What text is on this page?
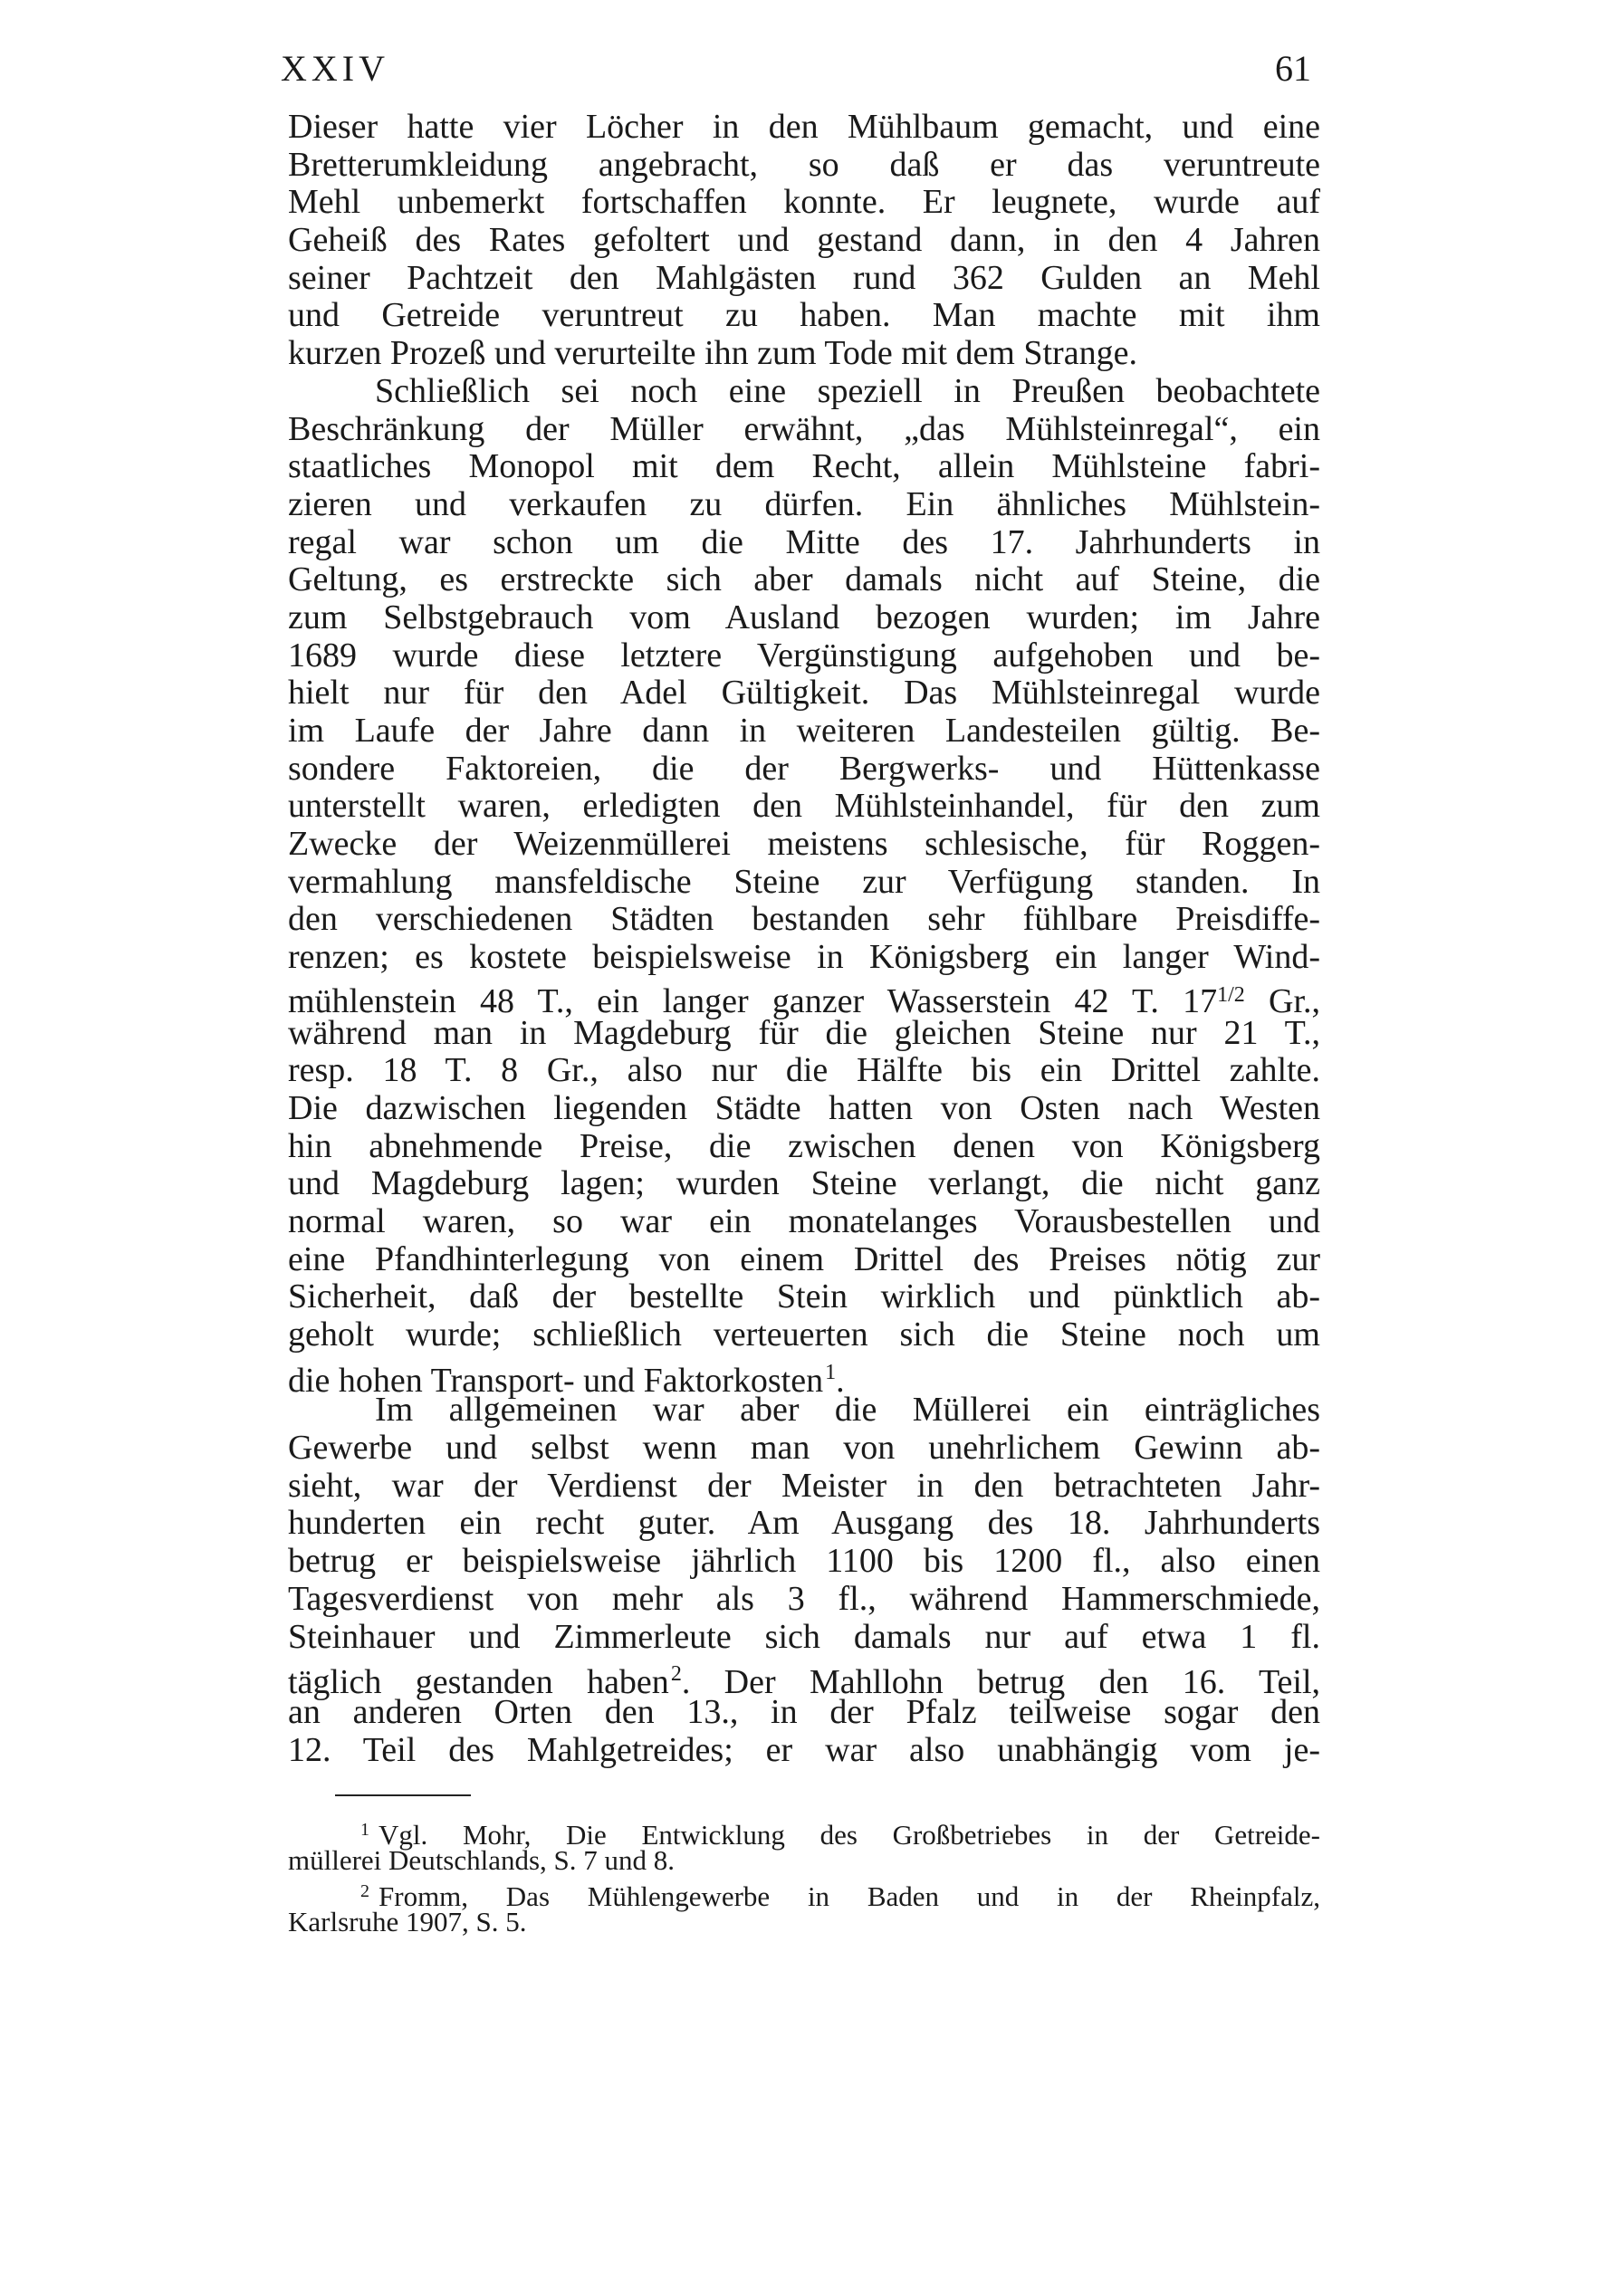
XXIV	61
Dieser hatte vier Löcher in den Mühlbaum gemacht, und eine
Bretterumkleidung angebracht, so daß er das veruntreute
Mehl unbemerkt fortschaffen konnte. Er leugnete, wurde auf
Geheiß des Rates gefoltert und gestand dann, in den 4 Jahren
seiner Pachtzeit den Mahlgästen rund 362 Gulden an Mehl
und Getreide veruntreut zu haben. Man machte mit ihm
kurzen Prozeß und verurteilte ihn zum Tode mit dem Strange.
Schließlich sei noch eine speziell in Preußen beobachtete
Beschränkung der Müller erwähnt, „das Mühlsteinregal“, ein
staatliches Monopol mit dem Recht, allein Mühlsteine fabri-
zieren und verkaufen zu dürfen. Ein ähnliches Mühlstein-
regal war schon um die Mitte des 17. Jahrhunderts in
Geltung, es erstreckte sich aber damals nicht auf Steine, die
zum Selbstgebrauch vom Ausland bezogen wurden; im Jahre
1689 wurde diese letztere Vergünstigung aufgehoben und be-
hielt nur für den Adel Gültigkeit. Das Mühlsteinregal wurde
im Laufe der Jahre dann in weiteren Landesteilen gültig. Be-
sondere Faktoreien, die der Bergwerks- und Hüttenkasse
unterstellt waren, erledigten den Mühlsteinhandel, für den zum
Zwecke der Weizenmüllerei meistens schlesische, für Roggen-
vermahlung mansfeldische Steine zur Verfügung standen. In
den verschiedenen Städten bestanden sehr fühlbare Preisdiffe-
renzen; es kostete beispielsweise in Königsberg ein langer Wind-
mühlenstein 48 T., ein langer ganzer Wasserstein 42 T. $17^{1/2}$ Gr.,
während man in Magdeburg für die gleichen Steine nur 21 T.,
resp. 18 T. 8 Gr., also nur die Hälfte bis ein Drittel zahlte.
Die dazwischen liegenden Städte hatten von Osten nach Westen
hin abnehmende Preise, die zwischen denen von Königsberg
und Magdeburg lagen; wurden Steine verlangt, die nicht ganz
normal waren, so war ein monatelanges Vorausbestellen und
eine Pfandhinterlegung von einem Drittel des Preises nötig zur
Sicherheit, daß der bestellte Stein wirklich und pünktlich ab-
geholt wurde; schließlich verteuerten sich die Steine noch um
die hohen Transport- und Faktorkosten$^1$.
Im allgemeinen war aber die Müllerei ein einträgliches
Gewerbe und selbst wenn man von unehrlichem Gewinn ab-
sieht, war der Verdienst der Meister in den betrachteten Jahr-
hunderten ein recht guter. Am Ausgang des 18. Jahrhunderts
betrug er beispielsweise jährlich 1100 bis 1200 fl., also einen
Tagesverdienst von mehr als 3 fl., während Hammerschmiede,
Steinhauer und Zimmerleute sich damals nur auf etwa 1 fl.
täglich gestanden haben$^2$. Der Mahllohn betrug den 16. Teil,
an anderen Orten den 13., in der Pfalz teilweise sogar den
12. Teil des Mahlgetreides; er war also unabhängig vom je-
$^1$ Vgl. Mohr, Die Entwicklung des Großbetriebes in der Getreide-
müllerei Deutschlands, S. 7 und 8.
$^2$ Fromm, Das Mühlengewerbe in Baden und in der Rheinpfalz,
Karlsruhe 1907, S. 5.
